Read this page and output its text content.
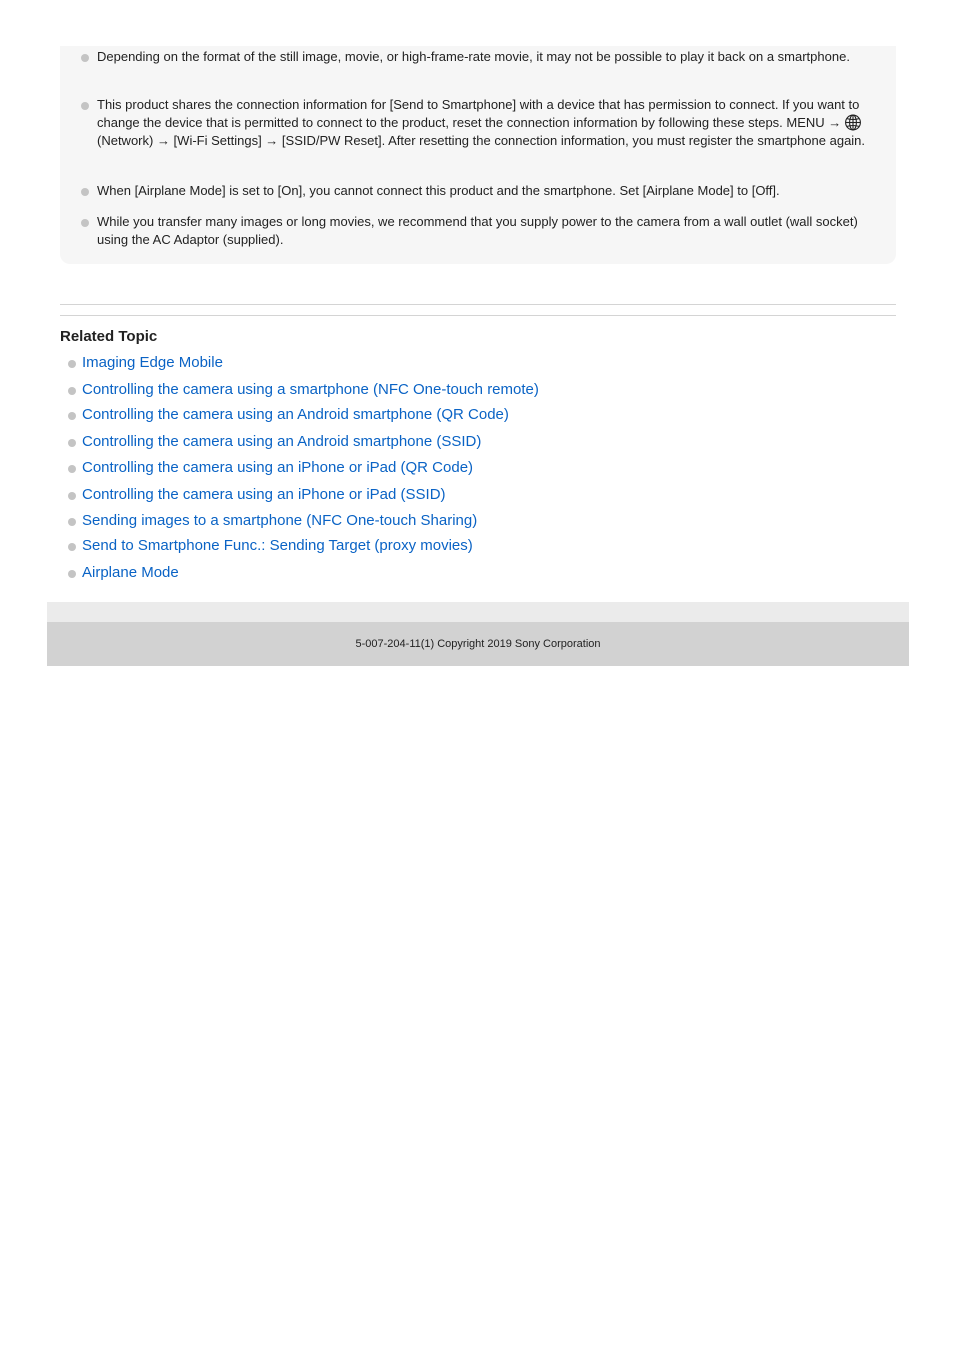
Depending on the format of the still image, movie, or high-frame-rate movie, it may not be possible to play it back on a smartphone.
This product shares the connection information for [Send to Smartphone] with a device that has permission to connect. If you want to change the device that is permitted to connect to the product, reset the connection information by following these steps. MENU →(Network) → [Wi-Fi Settings] → [SSID/PW Reset]. After resetting the connection information, you must register the smartphone again.
When [Airplane Mode] is set to [On], you cannot connect this product and the smartphone. Set [Airplane Mode] to [Off].
While you transfer many images or long movies, we recommend that you supply power to the camera from a wall outlet (wall socket) using the AC Adaptor (supplied).
Related Topic
Imaging Edge Mobile
Controlling the camera using a smartphone (NFC One-touch remote)
Controlling the camera using an Android smartphone (QR Code)
Controlling the camera using an Android smartphone (SSID)
Controlling the camera using an iPhone or iPad (QR Code)
Controlling the camera using an iPhone or iPad (SSID)
Sending images to a smartphone (NFC One-touch Sharing)
Send to Smartphone Func.: Sending Target (proxy movies)
Airplane Mode
5-007-204-11(1) Copyright 2019 Sony Corporation
